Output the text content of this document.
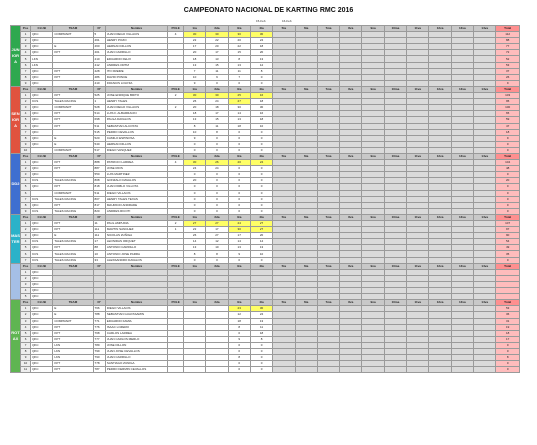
CAMPEONATO NACIONAL DE KARTING RMC 2016
15-Feb	16-Feb
JUNIOR A	Pos	CLUB	TEAM	N°	Nombre	POLE	1ra	2da	3ra	4ta	5ta	6ta	7ma	8va	9na	10ma	11va	12va	13va	14va	Total
	1	QKC	COMPRART	5	JUAN DIEGO VILLACIS	4	30	30	30	30											112
	2	QKC		461	HENRY POZO		22	22	20	24											88
	3	QKC	E	460	HERNAN DILLON		17	20	22	18											77
	4	QKC	KPT	401	JUAN CARRILLO		20	17	15	20											72
	5	LKN		410	EDUARDO FELIX		18	13	8	13											52
	6	LKN		412	ANDRES ORTIZ		13	15	13	12											53
	7	QKC	KPT	428	ITO FREIRE		7	11	11	8											37
	8	QKC	KPT	486	DAVID PONCE		10	9	7	0											26
	9	QKC		410	FRANCIS LOAYZA		9	0	0	0											9
SENIOR A	Pos	CLUB	TEAM	N°	Nombre	POLE	1ra	2da	3ra	4ta	5ta	6ta	7ma	8va	9na	10ma	11va	12va	13va	14va	Total
	1	QKC	KPT	525	JOSE ENRIQUE BRITO	2	30	30	25	16											103
	2	KCS	TALES RACING	1	HENRY TALES		26	24	27	18											95
	3	QKC	COMPRART	528	JUAN DIEGO VILLACIS	2	20	18	30	30											100
	4	QKC	KPT	514	LUIS F. ALBARRACIN		18	17	14	16											65
	5	QKC	KPT	698	PAULA DAVALOS		13	15	13	18											59
	6	QKC	KPT	511	SEBASTIAN ALCOSTA		8	11	18	10											47
	7	QKC		515	PEDRO CEVALLOS		10	8	0	0											18
	8	QKC	E	520	CAMILO ESPINOSA		9	0	0	0											9
	9	QKC	E	540	HERNAN DILLON		0	0	0	0											0
	10		COMPRART	517	DIEGO VASQUEZ		0	0	0	0											0
DD2	Pos	CLUB	TEAM	N°	Nombre	POLE	1ra	2da	3ra	4ta	5ta	6ta	7ma	8va	9na	10ma	11va	12va	13va	14va	Total
	1	QKC	KPT	888	PATRICIO LARREA	4	30	26	20	24											104
	2	QKC	KPT	887	JOSE RIOS		24	24	0	0											48
	3	QKC		550	LUIS MARTINEZ		0	0	0	0											0
	4	KCS	TALES RACING	808	GONZALO DAVALOS		20	0	0	0											20
	5	QKC	KPT	818	JUAN PABLO VILLOTA		0	0	0	0											0
	6		COMPRART	511	DIEGO VILLACIS		0	0	0	0											0
	7	KCS	TALES RACING	807	HENRY TALES TEXAS		0	0	0	0											0
	8	QKC	KPT	817	MAURICIO ANDRADE		0	0	0	0											0
	9	KCS	TALES RACING	820	ANDRES RICOTI		0	0	0	0											0
MASTER	Pos	CLUB	TEAM	N°	Nombre	POLE	1ra	2da	3ra	4ta	5ta	6ta	7ma	8va	9na	10ma	11va	12va	13va	14va	Total
	1	QKC	KPT	11	PAUL AMPUDIA	2	27	27	24	27											107
	2	QKC	KPT	111	MARTIN SANCHEZ	1	22	17	30	27											97
	3	QKC	E	111	NICOLAS ZUÑIGA		26	27	17	20											90
	4	KCS	TALES RACING	17	LEONIDAS ORQUET		14	12	14	14											54
	5	QKC	KPT	88	ANTONIO CARRILLO		13	10	13	13											49
	6	KCS	TALES RACING	10	ANTONIO JOSE PARRA		8	8	9	10											35
	7	KCS	TALES RACING	33	ALESSANDRO DAVALOS		0	0	0	0											0
	Pos	CLUB	TEAM	N°	Nombre	POLE	1ra	2da	3ra	4ta	5ta	6ta	7ma	8va	9na	10ma	11va	12va	13va	14va	Total
	1	QKC																			
	2	QKC																			
	3	QKC																			
	4	QKC																			
	5	QKC																			
ROTAX	Pos	CLUB	TEAM	N°	Nombre	POLE	1ra	2da	3ra	4ta	5ta	6ta	7ma	8va	9na	10ma	11va	12va	13va	14va	Total
	1	QKC	E	766	DIEGO VILLACIS				23	30											53
	2	QKC	E	788	SEBASTIAN GUAYASAMIN				12	24											36
	3	QKC	COMPRART	771	EDUARDO FAMIA				18	13											31
	4	QKC	KPT	776	ISAAC LOZERO				8	11											19
	5	QKC	KPT	768	CARLOS LARREA				0	18											18
	6	QKC	KPT	777	JUAN CARLOS MERLO				9	8											17
	7	QKC	LKN	789	JOSE DILLON				0	0											0
	8	QKC	LKN	799	JUAN JOSE CEVALLOS				0	0											0
	9	QKC	LKN	790	JUAN CARRILLO				8	0											8
	10	QKC	KPT	778	SANTIAGO ZUNIGA				0	0											0
	11	QKC	KPT	787	PEDRO FERMIN CEVALLOS				0	0											0
